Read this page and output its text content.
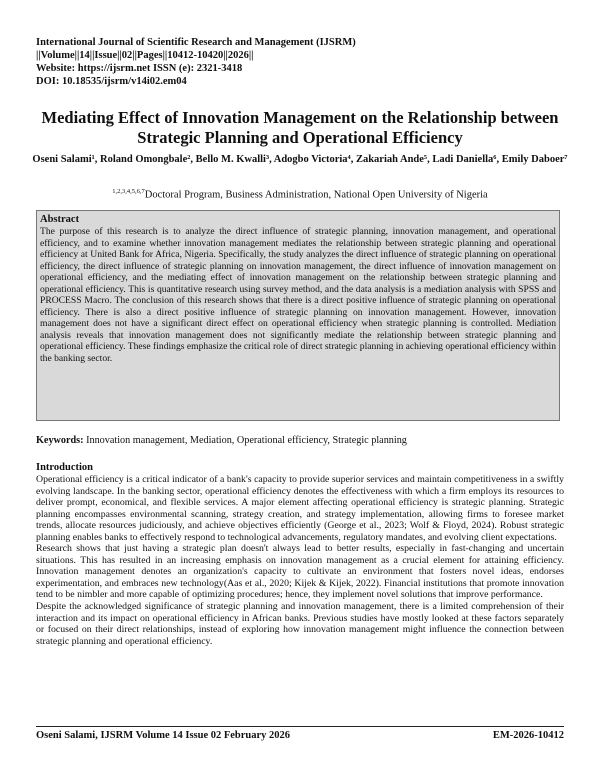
International Journal of Scientific Research and Management (IJSRM)
||Volume||14||Issue||02||Pages||10412-10420||2026||
Website: https://ijsrm.net ISSN (e): 2321-3418
DOI: 10.18535/ijsrm/v14i02.em04
Mediating Effect of Innovation Management on the Relationship between Strategic Planning and Operational Efficiency
Oseni Salami¹, Roland Omongbale², Bello M. Kwalli³, Adogbo Victoria⁴, Zakariah Ande⁵, Ladi Daniella⁶, Emily Daboer⁷
$^{1,2,3,4,5,6,7}$Doctoral Program, Business Administration, National Open University of Nigeria

Abstract

The purpose of this research is to analyze the direct influence of strategic planning, innovation management, and operational efficiency, and to examine whether innovation management mediates the relationship between strategic planning and operational efficiency at United Bank for Africa, Nigeria. Specifically, the study analyzes the direct influence of strategic planning on operational efficiency, the direct influence of strategic planning on innovation management, the direct influence of innovation management on operational efficiency, and the mediating effect of innovation management on the relationship between strategic planning and operational efficiency. This is quantitative research using survey method, and the data analysis is a mediation analysis with SPSS and PROCESS Macro. The conclusion of this research shows that there is a direct positive influence of strategic planning on operational efficiency. There is also a direct positive influence of strategic planning on innovation management. However, innovation management does not have a significant direct effect on operational efficiency when strategic planning is controlled. Mediation analysis reveals that innovation management does not significantly mediate the relationship between strategic planning and operational efficiency. These findings emphasize the critical role of direct strategic planning in achieving operational efficiency within the banking sector.

Keywords: Innovation management, Mediation, Operational efficiency, Strategic planning
Introduction

Operational efficiency is a critical indicator of a bank's capacity to provide superior services and maintain competitiveness in a swiftly evolving landscape. In the banking sector, operational efficiency denotes the effectiveness with which a firm employs its resources to deliver prompt, economical, and flexible services. A major element affecting operational efficiency is strategic planning. Strategic planning encompasses environmental scanning, strategy creation, and strategy implementation, allowing firms to foresee market trends, allocate resources judiciously, and achieve objectives efficiently (George et al., 2023; Wolf & Floyd, 2024). Robust strategic planning enables banks to effectively respond to technological advancements, regulatory mandates, and evolving client expectations.

Research shows that just having a strategic plan doesn't always lead to better results, especially in fast-changing and uncertain situations. This has resulted in an increasing emphasis on innovation management as a crucial element for attaining efficiency. Innovation management denotes an organization's capacity to cultivate an environment that fosters novel ideas, endorses experimentation, and embraces new technology(Aas et al., 2020; Kijek & Kijek, 2022). Financial institutions that promote innovation tend to be nimbler and more capable of optimizing procedures; hence, they implement novel solutions that improve performance.

Despite the acknowledged significance of strategic planning and innovation management, there is a limited comprehension of their interaction and its impact on operational efficiency in African banks. Previous studies have mostly looked at these factors separately or focused on their direct relationships, instead of exploring how innovation management might influence the connection between strategic planning and operational efficiency.

Oseni Salami, IJSRM Volume 14 Issue 02 February 2026	EM-2026-10412
